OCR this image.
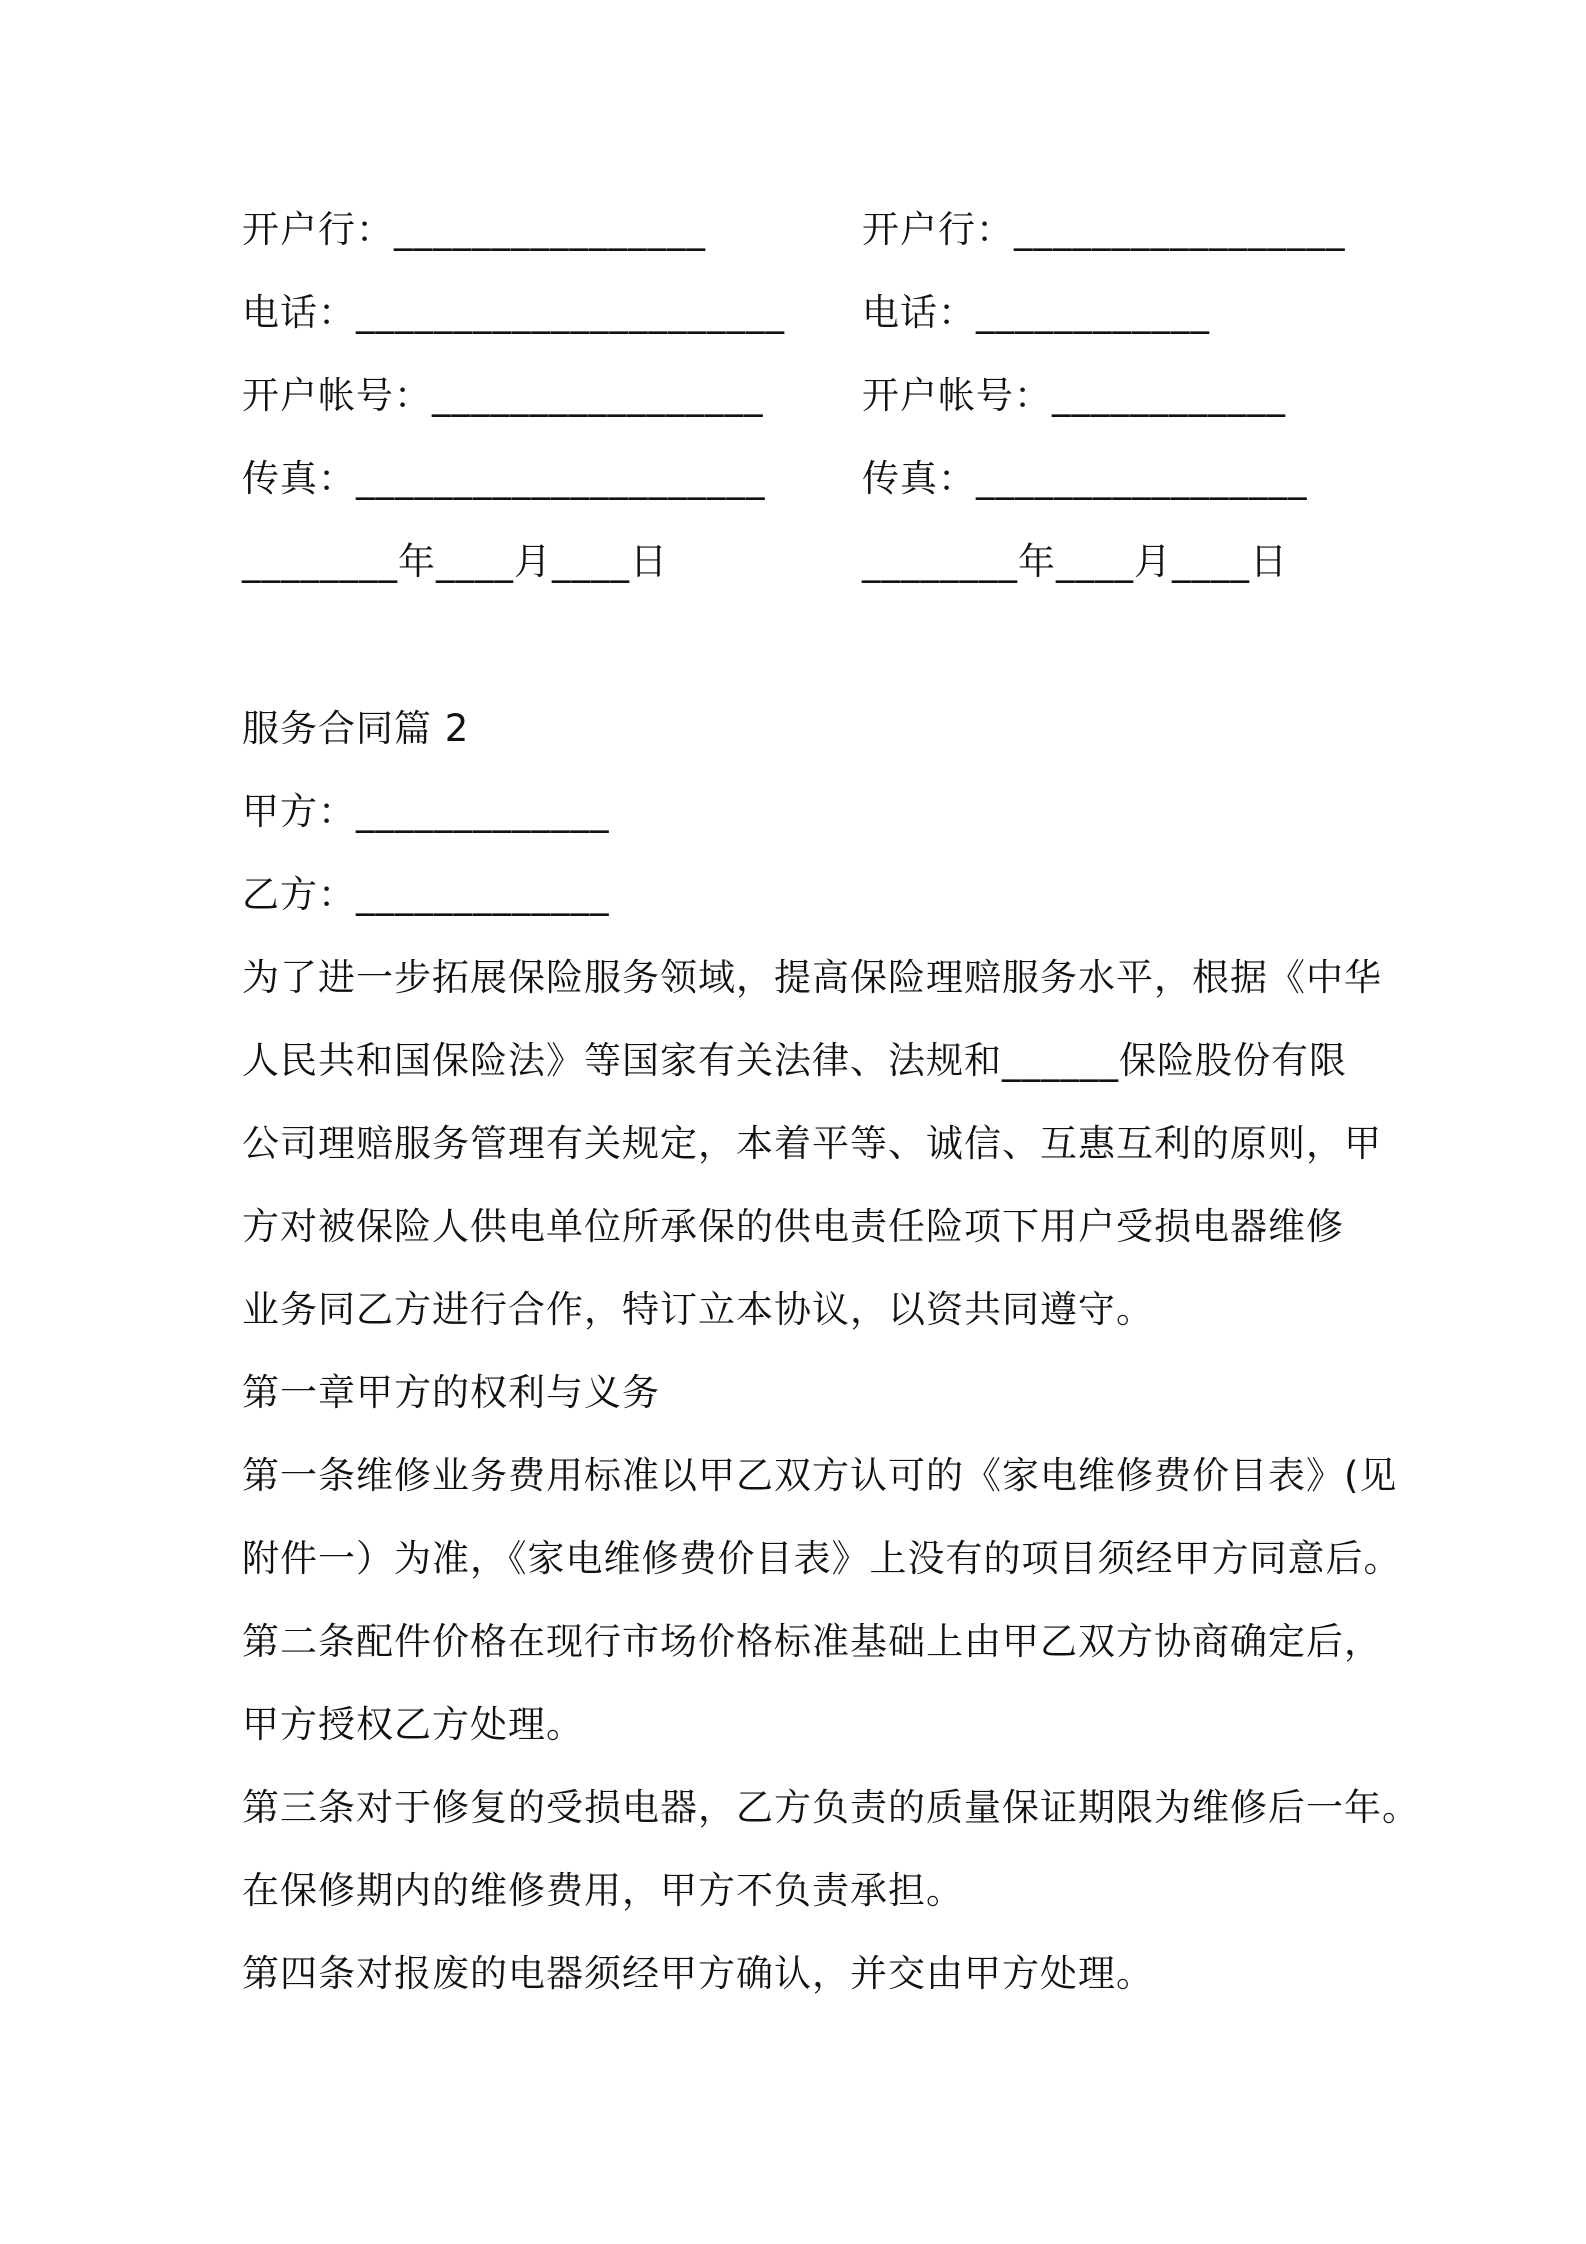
开户行：________________
电话：______________________
开户帐号：_________________
传真：_____________________
________年____月____日
开户行：_________________
电话：____________
开户帐号：____________
传真：_________________
________年____月____日
服务合同篇 2
甲方：_____________
乙方：_____________
为了进一步拓展保险服务领域，提高保险理赔服务水平，根据《中华
人民共和国保险法》等国家有关法律、法规和______保险股份有限
公司理赔服务管理有关规定，本着平等、诚信、互惠互利的原则，甲
方对被保险人供电单位所承保的供电责任险项下用户受损电器维修
业务同乙方进行合作，特订立本协议，以资共同遵守。
第一章甲方的权利与义务
第一条维修业务费用标准以甲乙双方认可的《家电维修费价目表》(见
附件一）为准，《家电维修费价目表》上没有的项目须经甲方同意后。
第二条配件价格在现行市场价格标准基础上由甲乙双方协商确定后，
甲方授权乙方处理。
第三条对于修复的受损电器，乙方负责的质量保证期限为维修后一年。
在保修期内的维修费用，甲方不负责承担。
第四条对报废的电器须经甲方确认，并交由甲方处理。
